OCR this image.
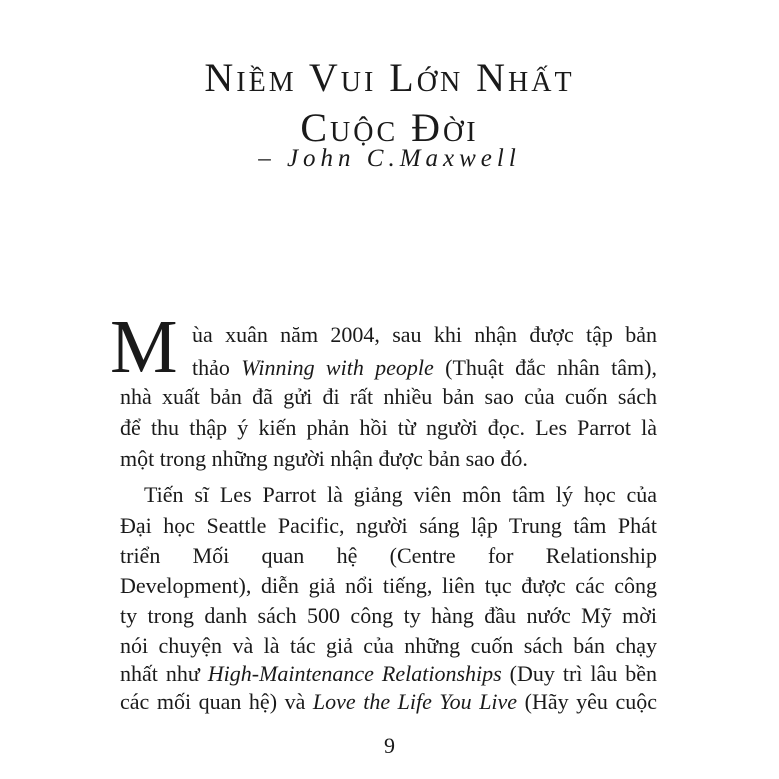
Niềm Vui Lớn Nhất
Cuộc Đời
– John C.Maxwell
M ùa xuân năm 2004, sau khi nhận được tập bản
thảo Winning with people (Thuật đắc nhân tâm),
nhà xuất bản đã gửi đi rất nhiều bản sao của cuốn sách
để thu thập ý kiến phản hồi từ người đọc. Les Parrot là
một trong những người nhận được bản sao đó.
Tiến sĩ Les Parrot là giảng viên môn tâm lý học của
Đại học Seattle Pacific, người sáng lập Trung tâm Phát
triển Mối quan hệ (Centre for Relationship
Development), diễn giả nổi tiếng, liên tục được các công
ty trong danh sách 500 công ty hàng đầu nước Mỹ mời
nói chuyện và là tác giả của những cuốn sách bán chạy
nhất như High-Maintenance Relationships (Duy trì lâu bền
các mối quan hệ) và Love the Life You Live (Hãy yêu cuộc
9
